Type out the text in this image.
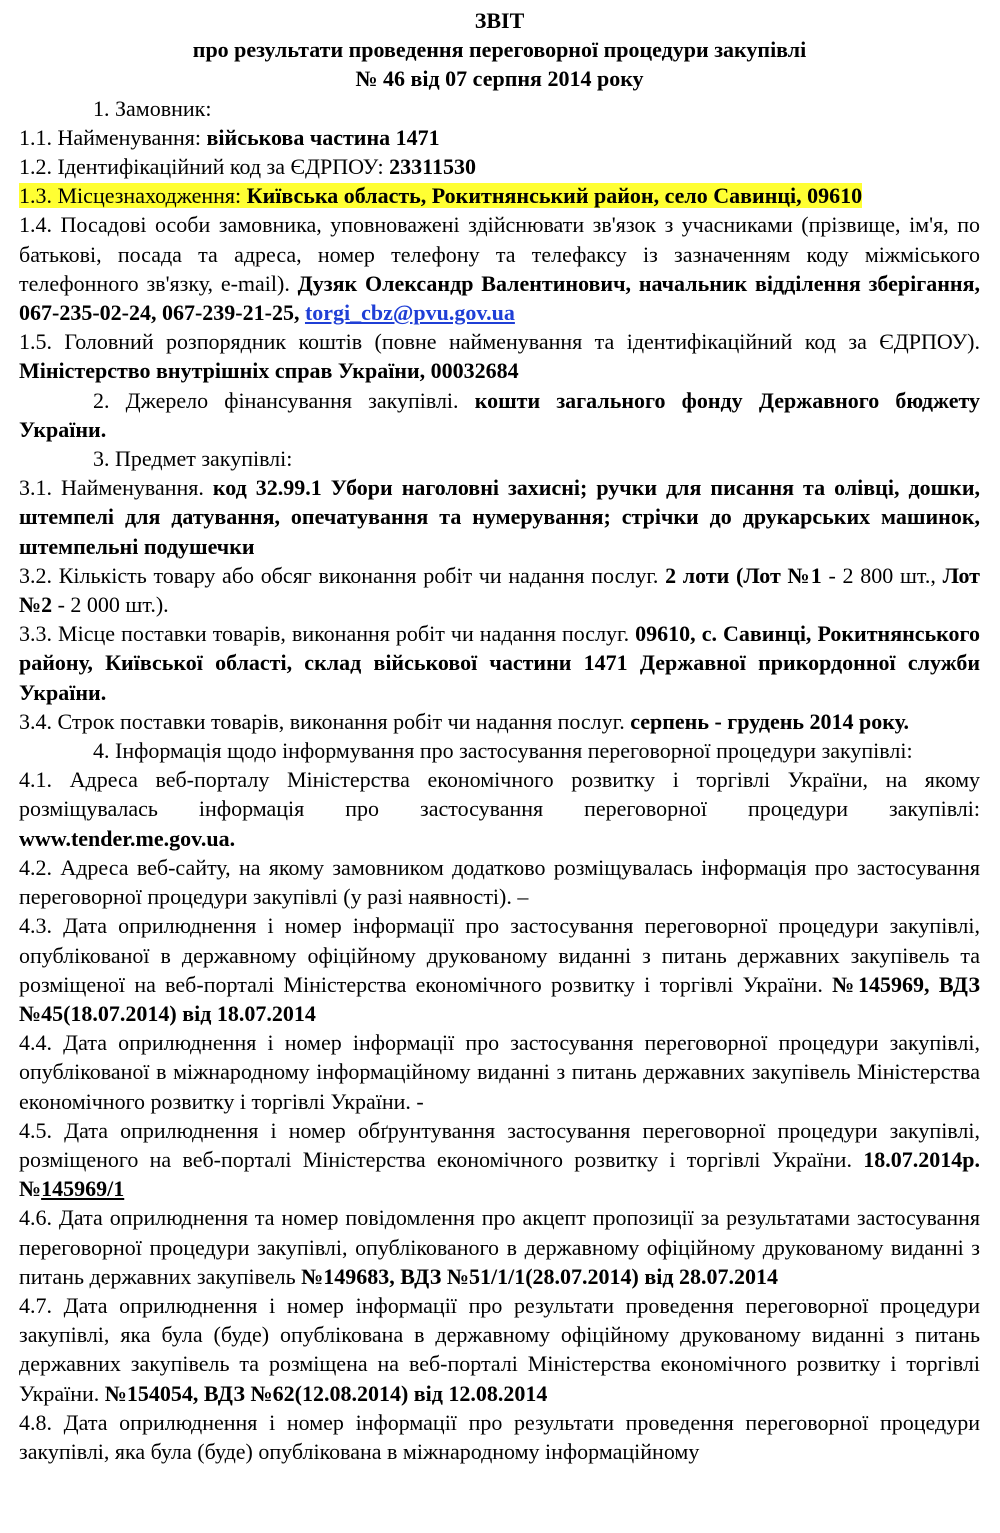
ЗВІТ
про результати проведення переговорної процедури закупівлі
№ 46 від 07 серпня 2014 року

1. Замовник:

1.1. Найменування: військова частина 1471

1.2. Ідентифікаційний код за ЄДРПОУ: 23311530

1.3. Місцезнаходження: Київська область, Рокитнянський район, село Савинці, 09610

1.4. Посадові особи замовника, уповноважені здійснювати зв'язок з учасниками (прізвище, ім'я, по батькові, посада та адреса, номер телефону та телефаксу із зазначенням коду міжміського телефонного зв'язку, e-mail). Дузяк Олександр Валентинович, начальник відділення зберігання, 067-235-02-24, 067-239-21-25, torgi_cbz@pvu.gov.ua

1.5. Головний розпорядник коштів (повне найменування та ідентифікаційний код за ЄДРПОУ). Міністерство внутрішніх справ України, 00032684

2. Джерело фінансування закупівлі. кошти загального фонду Державного бюджету України.

3. Предмет закупівлі:

3.1. Найменування. код 32.99.1 Убори наголовні захисні; ручки для писання та олівці, дошки, штемпелі для датування, опечатування та нумерування; стрічки до друкарських машинок, штемпельні подушечки

3.2. Кількість товару або обсяг виконання робіт чи надання послуг. 2 лоти (Лот №1 - 2 800 шт., Лот №2 - 2 000 шт.).

3.3. Місце поставки товарів, виконання робіт чи надання послуг. 09610, с. Савинці, Рокитнянського району, Київської області, склад військової частини 1471 Державної прикордонної служби України.

3.4. Строк поставки товарів, виконання робіт чи надання послуг. серпень - грудень 2014 року.

4. Інформація щодо інформування про застосування переговорної процедури закупівлі:

4.1. Адреса веб-порталу Міністерства економічного розвитку і торгівлі України, на якому розміщувалась інформація про застосування переговорної процедури закупівлі: www.tender.me.gov.ua.

4.2. Адреса веб-сайту, на якому замовником додатково розміщувалась інформація про застосування переговорної процедури закупівлі (у разі наявності). –

4.3. Дата оприлюднення і номер інформації про застосування переговорної процедури закупівлі, опублікованої в державному офіційному друкованому виданні з питань державних закупівель та розміщеної на веб-порталі Міністерства економічного розвитку і торгівлі України. №145969, ВДЗ №45(18.07.2014) від 18.07.2014

4.4. Дата оприлюднення і номер інформації про застосування переговорної процедури закупівлі, опублікованої в міжнародному інформаційному виданні з питань державних закупівель Міністерства економічного розвитку і торгівлі України. -

4.5. Дата оприлюднення і номер обґрунтування застосування переговорної процедури закупівлі, розміщеного на веб-порталі Міністерства економічного розвитку і торгівлі України. 18.07.2014р. №145969/1

4.6. Дата оприлюднення та номер повідомлення про акцепт пропозиції за результатами застосування переговорної процедури закупівлі, опублікованого в державному офіційному друкованому виданні з питань державних закупівель №149683, ВДЗ №51/1/1(28.07.2014) від 28.07.2014

4.7. Дата оприлюднення і номер інформації про результати проведення переговорної процедури закупівлі, яка була (буде) опублікована в державному офіційному друкованому виданні з питань державних закупівель та розміщена на веб-порталі Міністерства економічного розвитку і торгівлі України. №154054, ВДЗ №62(12.08.2014) від 12.08.2014

4.8. Дата оприлюднення і номер інформації про результати проведення переговорної процедури закупівлі, яка була (буде) опублікована в міжнародному інформаційному
